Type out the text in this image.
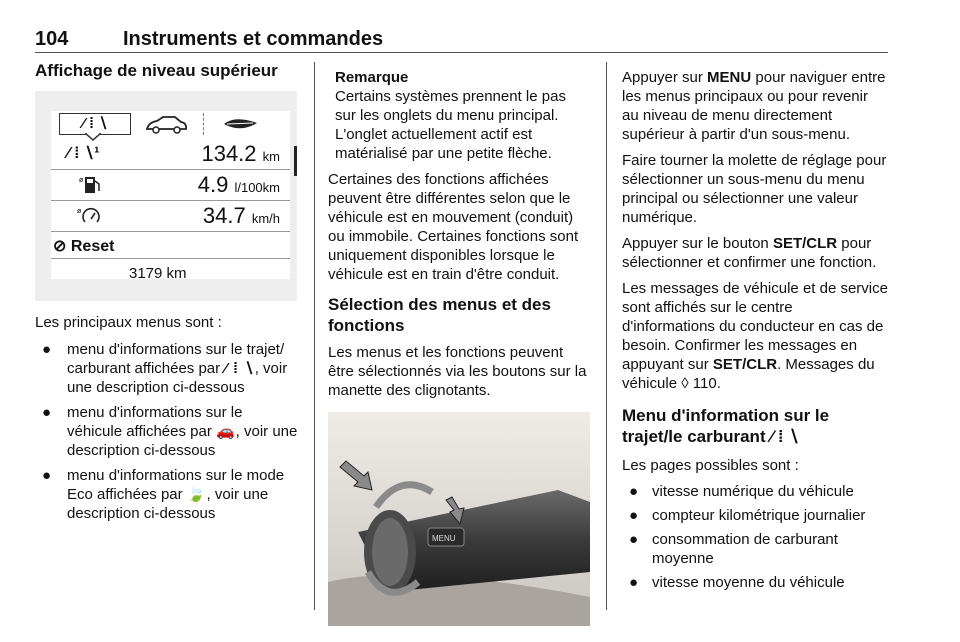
104	Instruments et commandes

Affichage de niveau supérieur

⁄ ⁞ ∖
⁄ ⁞ ∖¹	134.2 km
ø	4.9 l/100km
ø	34.7 km/h
⊘ Reset
3179 km

Les principaux menus sont :

● menu d'informations sur le trajet/ carburant affichées par ⁄ ⁞ ∖, voir une description ci-dessous
● menu d'informations sur le véhicule affichées par 🚗, voir une description ci-dessous
● menu d'informations sur le mode Eco affichées par 🍃, voir une description ci-dessous

Remarque

Certains systèmes prennent le pas sur les onglets du menu principal. L'onglet actuellement actif est matérialisé par une petite flèche.

Certaines des fonctions affichées peuvent être différentes selon que le véhicule est en mouvement (conduit) ou immobile. Certaines fonctions sont uniquement disponibles lorsque le véhicule est en train d'être conduit.

Sélection des menus et des fonctions

Les menus et les fonctions peuvent être sélectionnés via les boutons sur la manette des clignotants.

MENU

Appuyer sur MENU pour naviguer entre les menus principaux ou pour revenir au niveau de menu directement supérieur à partir d'un sous-menu.

Faire tourner la molette de réglage pour sélectionner un sous-menu du menu principal ou sélectionner une valeur numérique.

Appuyer sur le bouton SET/CLR pour sélectionner et confirmer une fonction.

Les messages de véhicule et de service sont affichés sur le centre d'informations du conducteur en cas de besoin. Confirmer les messages en appuyant sur SET/CLR. Messages du véhicule ◊ 110.

Menu d'information sur le trajet/le carburant ⁄ ⁞ ∖

Les pages possibles sont :

● vitesse numérique du véhicule
● compteur kilométrique journalier
● consommation de carburant moyenne
● vitesse moyenne du véhicule
